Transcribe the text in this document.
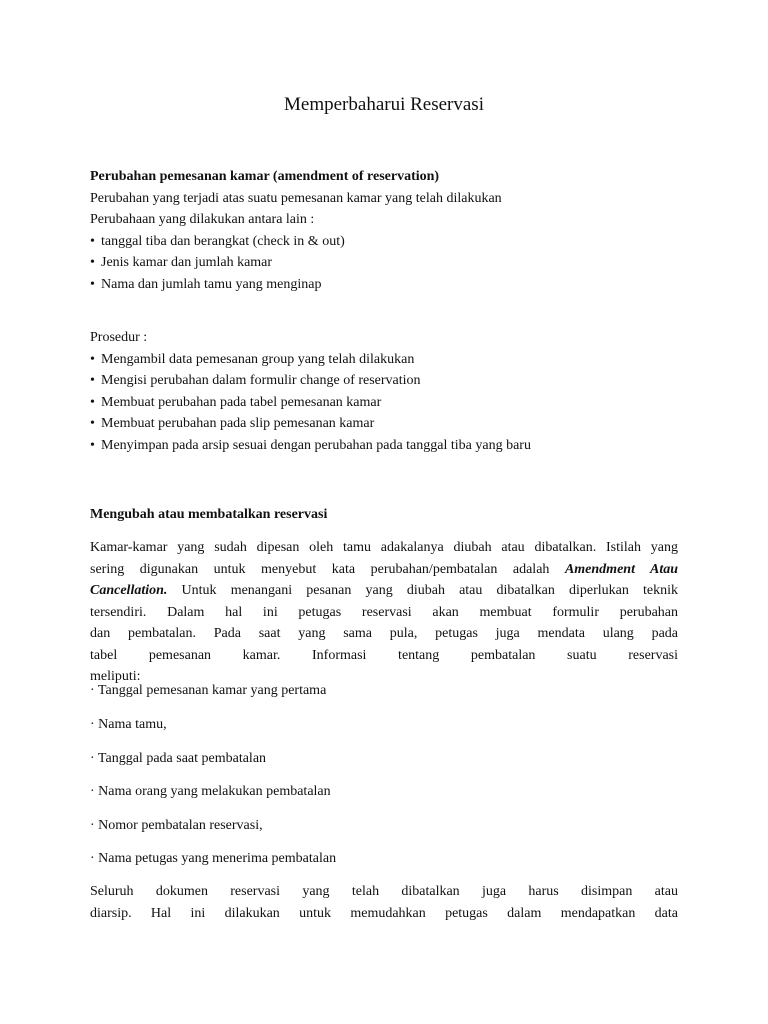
Memperbaharui Reservasi

Perubahan pemesanan kamar (amendment of reservation)

Perubahan yang terjadi atas suatu pemesanan kamar yang telah dilakukan

Perubahaan yang dilakukan antara lain :

• tanggal tiba dan berangkat (check in & out)
• Jenis kamar dan jumlah kamar
• Nama dan jumlah tamu yang menginap

Prosedur :

• Mengambil data pemesanan group yang telah dilakukan
• Mengisi perubahan dalam formulir change of reservation
• Membuat perubahan pada tabel pemesanan kamar
• Membuat perubahan pada slip pemesanan kamar
• Menyimpan pada arsip sesuai dengan perubahan pada tanggal tiba yang baru

Mengubah atau membatalkan reservasi

Kamar-kamar yang sudah dipesan oleh tamu adakalanya diubah atau dibatalkan. Istilah yang
sering digunakan untuk menyebut kata perubahan/pembatalan adalah Amendment Atau
Cancellation. Untuk menangani pesanan yang diubah atau dibatalkan diperlukan teknik
tersendiri. Dalam hal ini petugas reservasi akan membuat formulir perubahan
dan pembatalan. Pada saat yang sama pula, petugas juga mendata ulang pada
tabel pemesanan kamar. Informasi tentang pembatalan suatu reservasi
meliputi:

· Tanggal pemesanan kamar yang pertama

· Nama tamu,

· Tanggal pada saat pembatalan

· Nama orang yang melakukan pembatalan

· Nomor pembatalan reservasi,

· Nama petugas yang menerima pembatalan

Seluruh dokumen reservasi yang telah dibatalkan juga harus disimpan atau
diarsip. Hal ini dilakukan untuk memudahkan petugas dalam mendapatkan data
